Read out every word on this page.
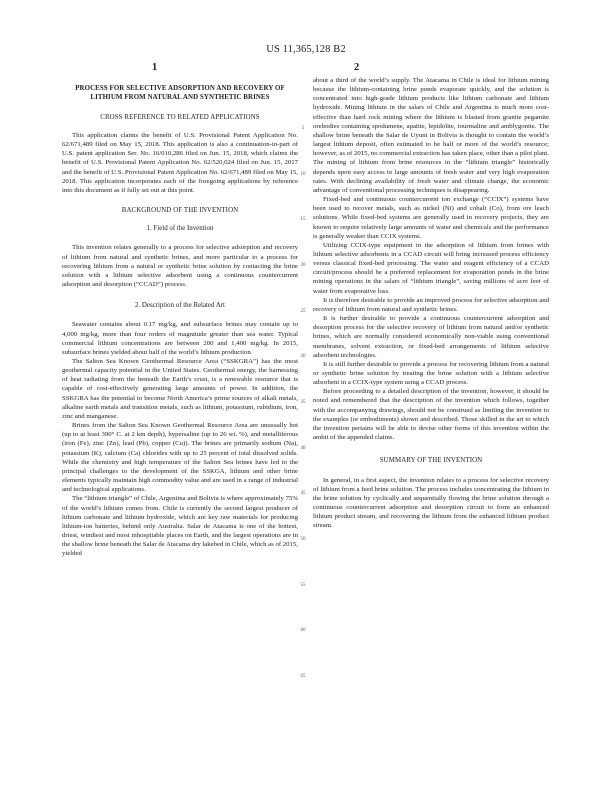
US 11,365,128 B2
1	2
PROCESS FOR SELECTIVE ADSORPTION AND RECOVERY OF LITHIUM FROM NATURAL AND SYNTHETIC BRINES
CROSS REFERENCE TO RELATED APPLICATIONS

This application claims the benefit of U.S. Provisional Patent Application No. 62/671,489 filed on May 15, 2018. This application is also a continuation-in-part of U.S. patent application Ser. No. 16/010,286 filed on Jun. 15, 2018, which claims the benefit of U.S. Provisional Patent Application No. 62/520,024 filed on Jun. 15, 2017 and the benefit of U.S. Provisional Patent Application No. 62/671,489 filed on May 15, 2018. This application incorporates each of the foregoing applications by reference into this document as if fully set out at this point.

BACKGROUND OF THE INVENTION
1. Field of the Invention

This invention relates generally to a process for selective adsorption and recovery of lithium from natural and synthetic brines, and more particular to a process for recovering lithium from a natural or synthetic brine solution by contacting the brine solution with a lithium selective adsorbent using a continuous countercurrent adsorption and desorption (“CCAD”) process.

2. Description of the Related Art

Seawater contains about 0.17 mg/kg, and subsurface brines may contain up to 4,000 mg/kg, more than four orders of magnitude greater than sea water. Typical commercial lithium concentrations are between 200 and 1,400 mg/kg. In 2015, subsurface brines yielded about half of the world’s lithium production.

The Salton Sea Known Geothermal Resource Area (“SSKGRA”) has the most geothermal capacity potential in the United States. Geothermal energy, the harnessing of heat radiating from the beneath the Earth’s crust, is a renewable resource that is capable of cost-effectively generating large amounts of power. In addition, the SSKGRA has the potential to become North America’s prime sources of alkali metals, alkaline earth metals and transition metals, such as lithium, potassium, rubidium, iron, zinc and manganese.

Brines from the Salton Sea Known Geothermal Resource Area are unusually hot (up to at least 390° C. at 2 km depth), hypersaline (up to 26 wt. %), and metalliferous (iron (Fe), zinc (Zn), lead (Pb), copper (Cu)). The brines are primarily sodium (Na), potassium (K), calcium (Ca) chlorides with up to 25 percent of total dissolved solids. While the chemistry and high temperature of the Salton Sea brines have led to the principal challenges to the development of the SSKGA, lithium and other brine elements typically maintain high commodity value and are used in a range of industrial and technological applications.

The “lithium triangle” of Chile, Argentina and Bolivia is where approximately 75% of the world’s lithium comes from. Chile is currently the second largest producer of lithium carbonate and lithium hydroxide, which are key raw materials for producing lithium-ion batteries, behind only Australia. Salar de Atacama is one of the hottest, driest, windiest and most inhospitable places on Earth, and the largest operations are in the shallow brine beneath the Salar de Atacama dry lakebed in Chile, which as of 2015, yielded

about a third of the world’s supply. The Atacama in Chile is ideal for lithium mining because the lithium-containing brine ponds evaporate quickly, and the solution is concentrated into high-grade lithium products like lithium carbonate and lithium hydroxide. Mining lithium in the salars of Chile and Argentina is much more cost-effective than hard rock mining where the lithium is blasted from granite pegamite orebodies containing spodumene, apatite, lepidolite, tourmaline and amblygonite. The shallow brine beneath the Salar de Uyuni in Bolivia is thought to contain the world’s largest lithium deposit, often estimated to be half or more of the world’s resource; however, as of 2015, no commercial extraction has taken place, other than a pilot plant. The mining of lithium from brine resources in the “lithium triangle” historically depends upon easy access to large amounts of fresh water and very high evaporation rates. With declining availability of fresh water and climate change, the economic advantage of conventional processing techniques is disappearing.

Fixed-bed and continuous countercurrent ion exchange (“CCIX”) systems have been used to recover metals, such as nickel (Ni) and cobalt (Co), from ore leach solutions. While fixed-bed systems are generally used in recovery projects, they are known to require relatively large amounts of water and chemicals and the performance is generally weaker than CCIX systems.

Utilizing CCIX-type equipment in the adsorption of lithium from brines with lithium selective adsorbents in a CCAD circuit will bring increased process efficiency versus classical fixed-bed processing. The water and reagent efficiency of a CCAD circuit/process should be a preferred replacement for evaporation ponds in the brine mining operations in the salars of “lithium triangle”, saving millions of acre feet of water from evaporative loss.

It is therefore desirable to provide an improved process for selective adsorption and recovery of lithium from natural and synthetic brines.

It is further desirable to provide a continuous countercurrent adsorption and desorption process for the selective recovery of lithium from natural and/or synthetic brines, which are normally considered economically non-viable using conventional membranes, solvent extraction, or fixed-bed arrangements of lithium selective adsorbent technologies.

It is still further desirable to provide a process for recovering lithium from a natural or synthetic brine solution by treating the brine solution with a lithium selective adsorbent in a CCIX-type system using a CCAD process.

Before proceeding to a detailed description of the invention, however, it should be noted and remembered that the description of the invention which follows, together with the accompanying drawings, should not be construed as limiting the invention to the examples (or embodiments) shown and described. Those skilled in the art to which the invention pertains will be able to devise other forms of this invention within the ambit of the appended claims.

SUMMARY OF THE INVENTION

In general, in a first aspect, the invention relates to a process for selective recovery of lithium from a feed brine solution. The process includes concentrating the lithium in the brine solution by cyclically and sequentially flowing the brine solution through a continuous countercurrent adsorption and desorption circuit to form an enhanced lithium product stream, and recovering the lithium from the enhanced lithium product stream.

5
10
15
20
25
30
35
40
45
50
55
60
65
